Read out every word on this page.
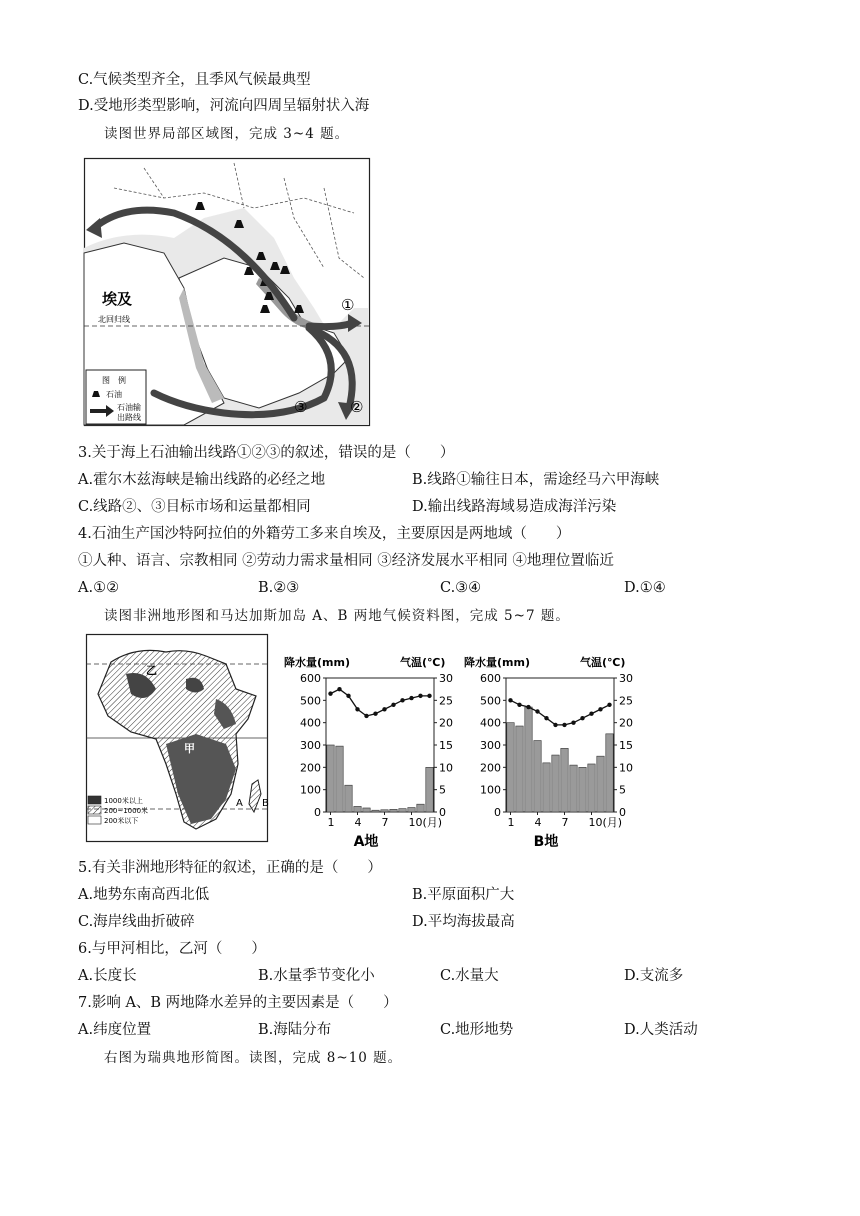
C.气候类型齐全，且季风气候最典型
D.受地形类型影响，河流向四周呈辐射状入海
读图世界局部区域图，完成 3~4 题。
北回归线
埃及	①
②
③
图　例
石油
石油输
出路线
3.关于海上石油输出线路①②③的叙述，错误的是（　　）
A.霍尔木兹海峡是输出线路的必经之地	B.线路①输往日本，需途经马六甲海峡
C.线路②、③目标市场和运量都相同	D.输出线路海域易造成海洋污染
4.石油生产国沙特阿拉伯的外籍劳工多来自埃及，主要原因是两地域（　　）
①人种、语言、宗教相同 ②劳动力需求量相同 ③经济发展水平相同 ④地理位置临近
A.①②	B.②③	C.③④	D.①④
读图非洲地形图和马达加斯加岛 A、B 两地气候资料图，完成 5~7 题。
乙
甲
A B
1000米以上
200~1000米
200米以下
降水量(mm)	气温(℃)
0
100
200
300
400
500
600
0
5
10
15
20
25
30
1 4 7 10(月)
A地
降水量(mm)	气温(℃)
0
100
200
300
400
500
600
0
5
10
15
20
25
30
1 4 7 10(月)
B地
5.有关非洲地形特征的叙述，正确的是（　　）
A.地势东南高西北低	B.平原面积广大
C.海岸线曲折破碎	D.平均海拔最高
6.与甲河相比，乙河（　　）
A.长度长	B.水量季节变化小	C.水量大	D.支流多
7.影响 A、B 两地降水差异的主要因素是（　　）
A.纬度位置	B.海陆分布	C.地形地势	D.人类活动
右图为瑞典地形简图。读图，完成 8~10 题。
